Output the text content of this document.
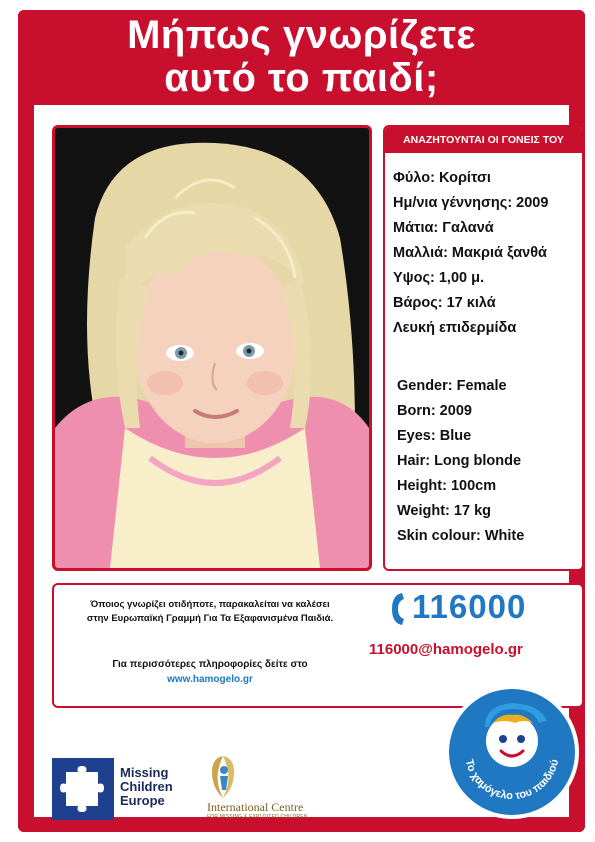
Μήπως γνωρίζετε
αυτό το παιδί;
ΑΝΑΖΗΤΟΥΝΤΑΙ ΟΙ ΓΟΝΕΙΣ ΤΟΥ
Φύλο: Κορίτσι
Ημ/νια γέννησης: 2009
Μάτια: Γαλανά
Μαλλιά: Μακριά ξανθά
Υψος: 1,00 μ.
Βάρος: 17 κιλά
Λευκή επιδερμίδα
Gender: Female
Born: 2009
Eyes: Blue
Hair: Long blonde
Height: 100cm
Weight: 17 kg
Skin colour: White
Όποιος γνωρίζει οτιδήποτε, παρακαλείται να καλέσει
στην Ευρωπαϊκή Γραμμή Για Τα Εξαφανισμένα Παιδιά.
Για περισσότερες πληροφορίες δείτε στο
www.hamogelo.gr
116000
116000@hamogelo.gr
Missing
Children
Europe	International Centre
FOR MISSING & EXPLOITED CHILDREN
Το χαμόγελο του παιδιού
